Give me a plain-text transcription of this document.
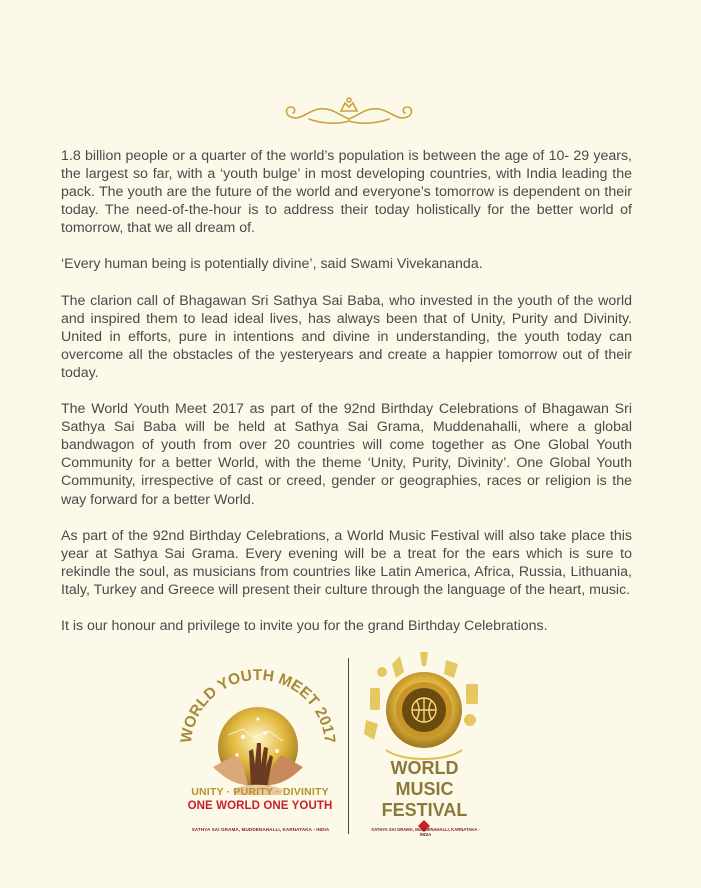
1.8 billion people or a quarter of the world’s population is between the age of 10- 29 years, the largest so far, with a ‘youth bulge’ in most developing countries, with India leading the pack. The youth are the future of the world and everyone’s tomorrow is dependent on their today. The need-of-the-hour is to address their today holistically for the better world of tomorrow, that we all dream of.

‘Every human being is potentially divine’, said Swami Vivekananda.

The clarion call of Bhagawan Sri Sathya Sai Baba, who invested in the youth of the world and inspired them to lead ideal lives, has always been that of Unity, Purity and Divinity. United in efforts, pure in intentions and divine in understanding, the youth today can overcome all the obstacles of the yesteryears and create a happier tomorrow out of their today.

The World Youth Meet 2017 as part of the 92nd Birthday Celebrations of Bhagawan Sri Sathya Sai Baba will be held at Sathya Sai Grama, Muddenahalli, where a global bandwagon of youth from over 20 countries will come together as One Global Youth Community for a better World, with the theme ‘Unity, Purity, Divinity’. One Global Youth Community, irrespective of cast or creed, gender or geographies, races or religion is the way forward for a better World.

As part of the 92nd Birthday Celebrations, a World Music Festival will also take place this year at Sathya Sai Grama. Every evening will be a treat for the ears which is sure to rekindle the soul, as musicians from countries like Latin America, Africa, Russia, Lithuania, Italy, Turkey and Greece will present their culture through the language of the heart, music.

It is our honour and privilege to invite you for the grand Birthday Celebrations.

WORLD YOUTH MEET 2017
UNITY · PURITY · DIVINITY
ONE WORLD ONE YOUTH
SATHYA SAI GRAMA, MUDDENAHALLI, KARNATAKA - INDIA
WORLD
MUSIC
FESTIVAL
SATHYA SAI GRAMA, MUDDENAHALLI, KARNATAKA - INDIA
